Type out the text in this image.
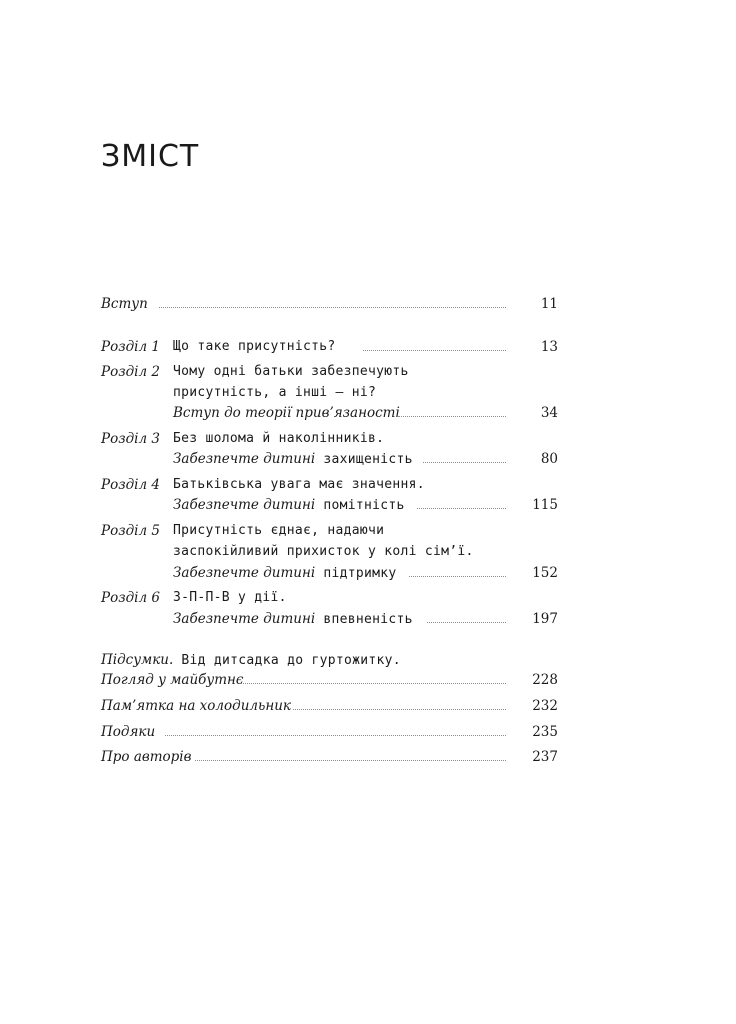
ЗМІСТ
Вступ	11
Розділ 1 Що таке присутність?	13
Розділ 2 Чому одні батьки забезпечують
присутність, а інші — ні?
Вступ до теорії прив’язаності	34
Розділ 3 Без шолома й наколінників.
Забезпечте дитині захищеність	80
Розділ 4 Батьківська увага має значення.
Забезпечте дитині помітність	115
Розділ 5 Присутність єднає, надаючи
заспокійливий прихисток у колі сім’ї.
Забезпечте дитині підтримку	152
Розділ 6 З-П-П-В у дії.
Забезпечте дитині впевненість	197
Підсумки. Від дитсадка до гуртожитку.
Погляд у майбутнє	228
Пам’ятка на холодильник	232
Подяки	235
Про авторів	237
